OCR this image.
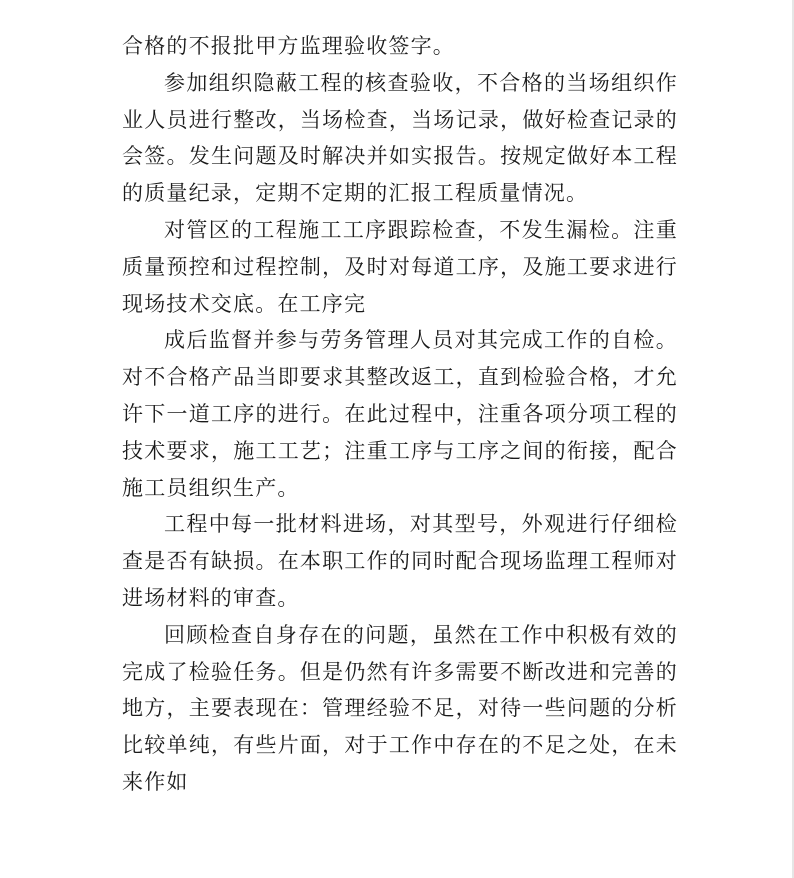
合格的不报批甲方监理验收签字。

参加组织隐蔽工程的核查验收，不合格的当场组织作业人员进行整改，当场检查，当场记录，做好检查记录的会签。发生问题及时解决并如实报告。按规定做好本工程的质量纪录，定期不定期的汇报工程质量情况。

对管区的工程施工工序跟踪检查，不发生漏检。注重质量预控和过程控制，及时对每道工序，及施工要求进行现场技术交底。在工序完

成后监督并参与劳务管理人员对其完成工作的自检。对不合格产品当即要求其整改返工，直到检验合格，才允许下一道工序的进行。在此过程中，注重各项分项工程的技术要求，施工工艺；注重工序与工序之间的衔接，配合施工员组织生产。

工程中每一批材料进场，对其型号，外观进行仔细检查是否有缺损。在本职工作的同时配合现场监理工程师对进场材料的审查。

回顾检查自身存在的问题，虽然在工作中积极有效的完成了检验任务。但是仍然有许多需要不断改进和完善的地方，主要表现在：管理经验不足，对待一些问题的分析比较单纯，有些片面，对于工作中存在的不足之处，在未来作如
